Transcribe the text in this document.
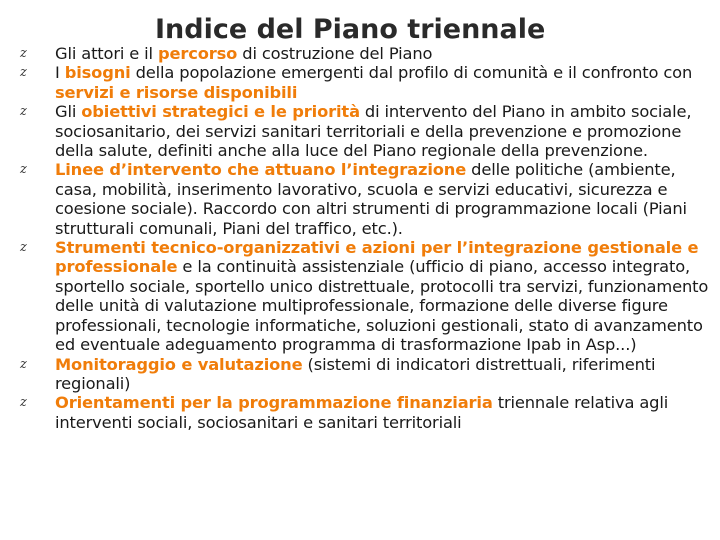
Indice del Piano triennale
z Gli attori e il percorso di costruzione del Piano
z I bisogni della popolazione emergenti dal profilo di comunità e il confronto con servizi e risorse disponibili
z Gli obiettivi strategici e le priorità di intervento del Piano in ambito sociale, sociosanitario, dei servizi sanitari territoriali e della prevenzione e promozione della salute, definiti anche alla luce del Piano regionale della prevenzione.
z Linee d’intervento che attuano l’integrazione delle politiche (ambiente, casa, mobilità, inserimento lavorativo, scuola e servizi educativi, sicurezza e coesione sociale). Raccordo con altri strumenti di programmazione locali (Piani strutturali comunali, Piani del traffico, etc.).
z Strumenti tecnico-organizzativi e azioni per l’integrazione gestionale e professionale e la continuità assistenziale (ufficio di piano, accesso integrato, sportello sociale, sportello unico distrettuale, protocolli tra servizi, funzionamento delle unità di valutazione multiprofessionale, formazione delle diverse figure professionali, tecnologie informatiche, soluzioni gestionali, stato di avanzamento ed eventuale adeguamento programma di trasformazione Ipab in Asp...)
z Monitoraggio e valutazione (sistemi di indicatori distrettuali, riferimenti regionali)
z Orientamenti per la programmazione finanziaria triennale relativa agli interventi sociali, sociosanitari e sanitari territoriali
